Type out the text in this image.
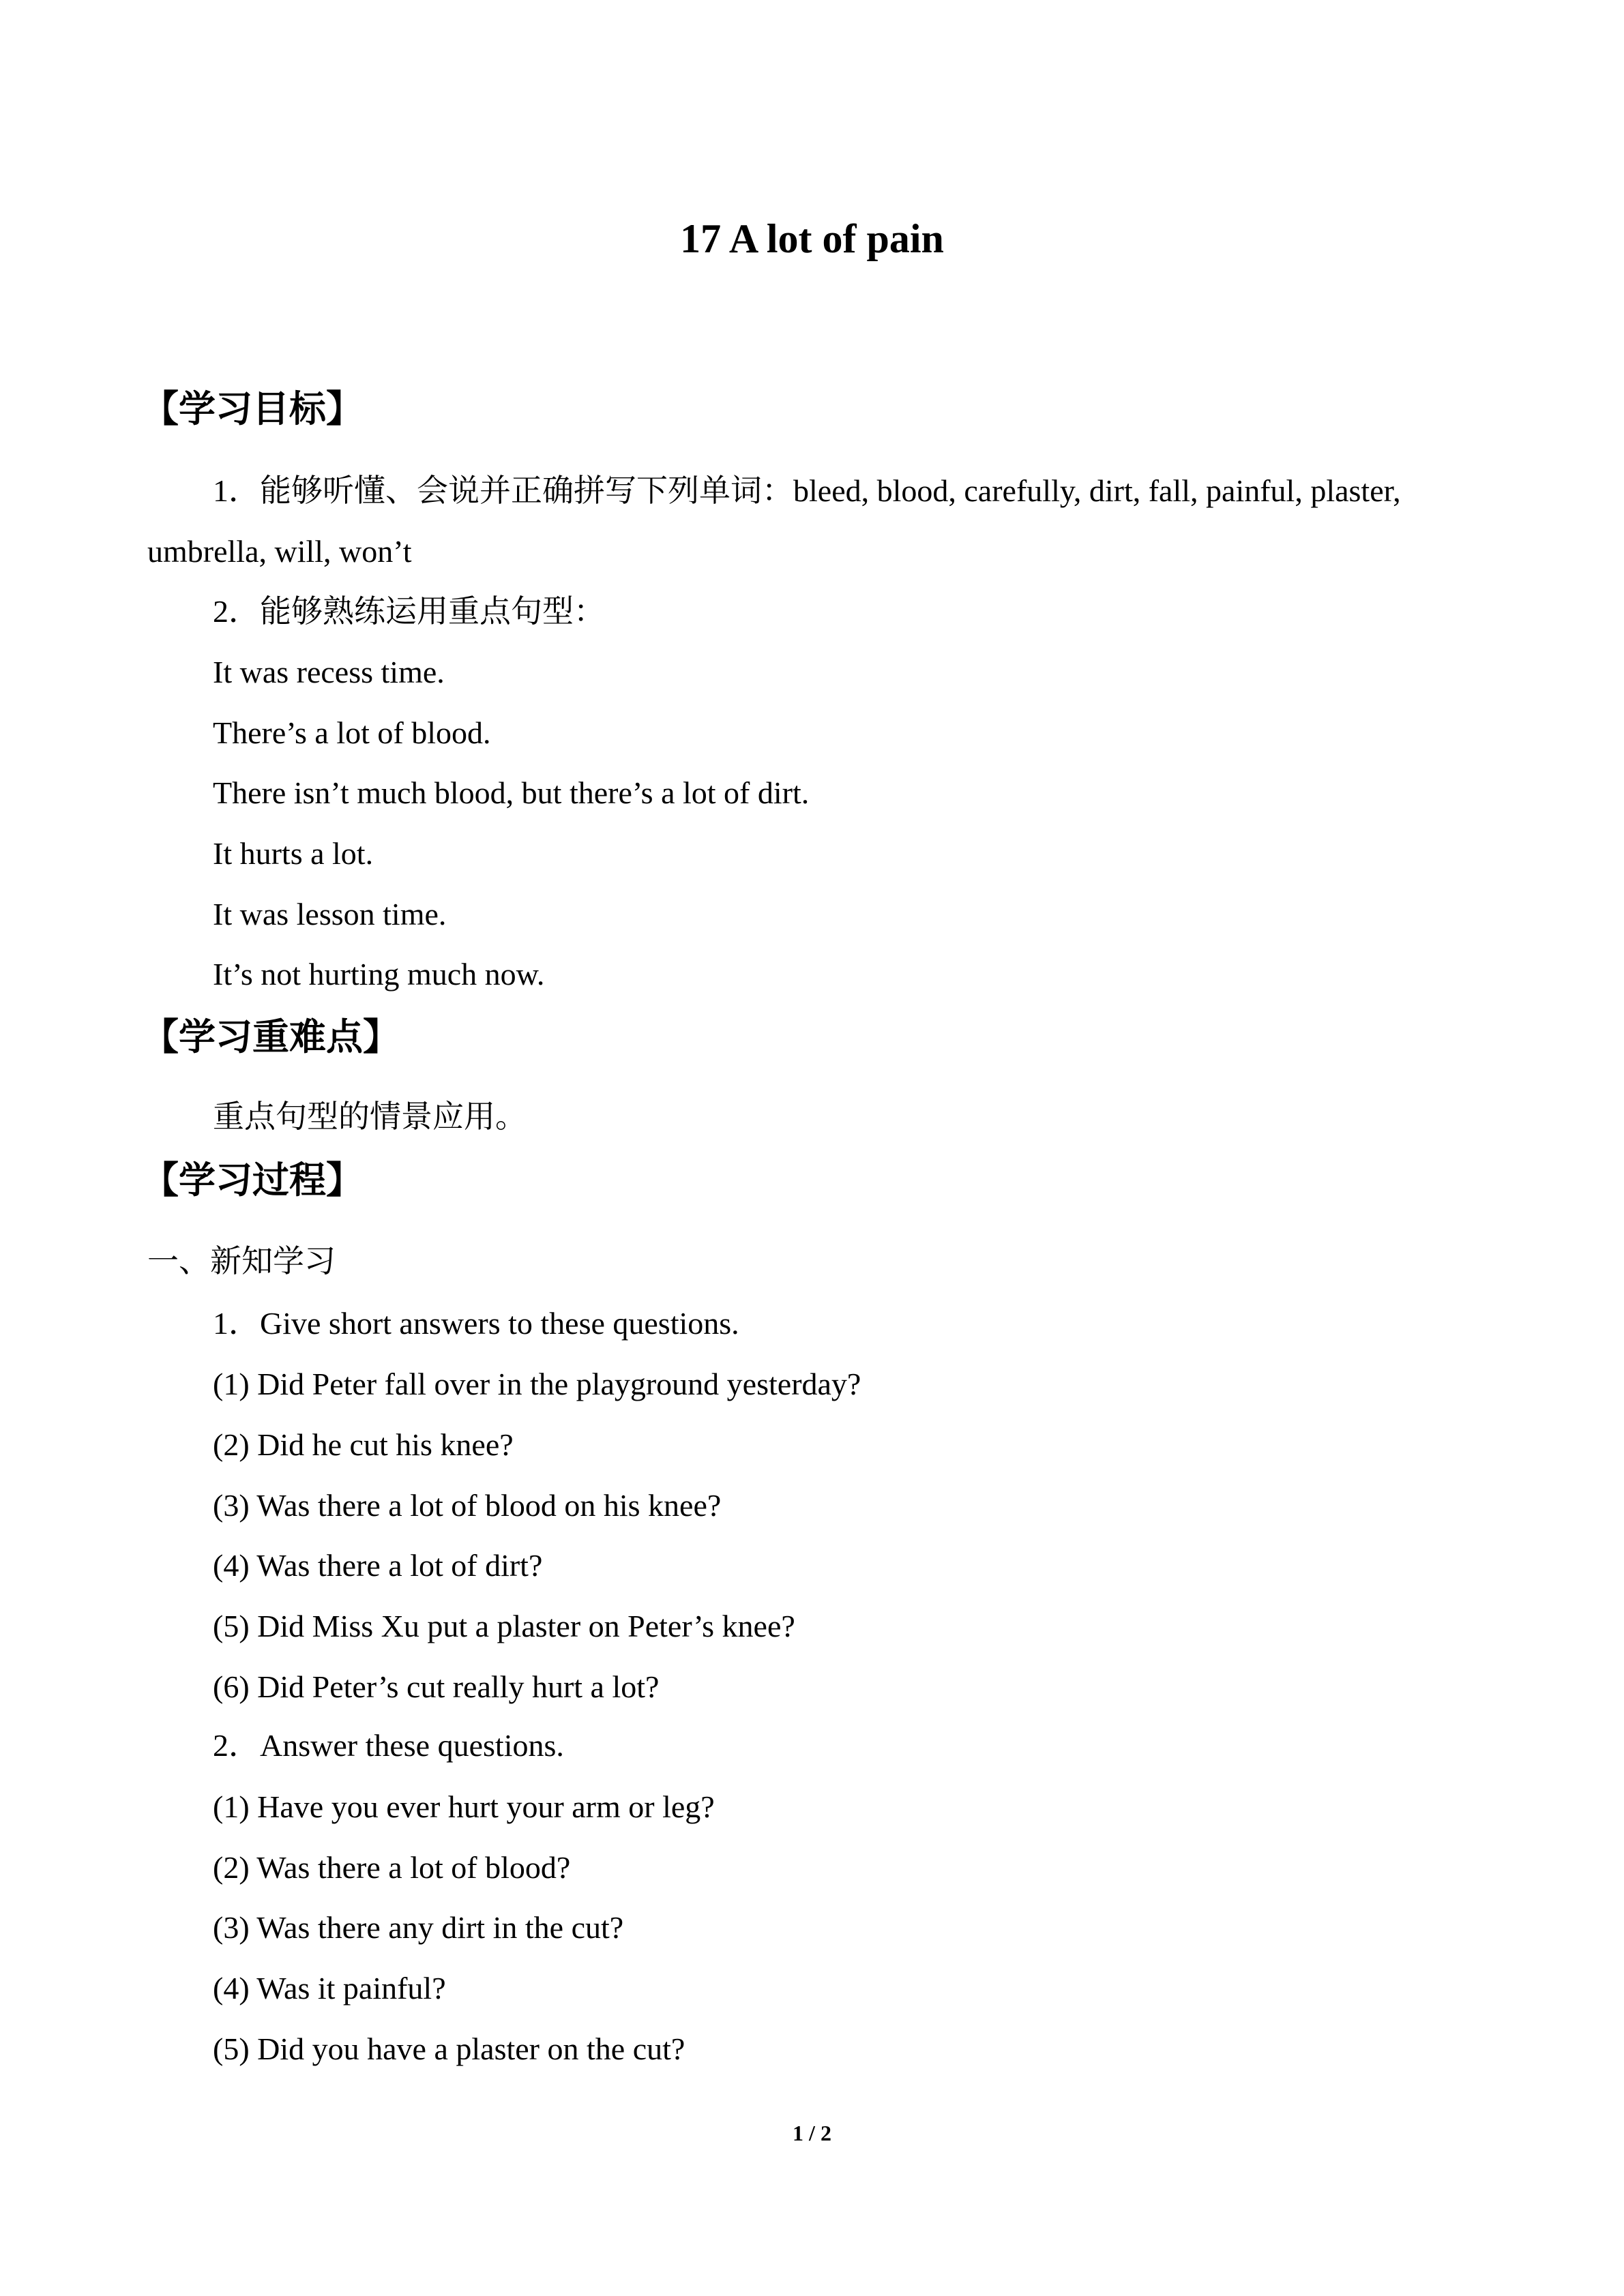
17 A lot of pain
【学习目标】
1．能够听懂、会说并正确拼写下列单词：bleed, blood, carefully, dirt, fall, painful, plaster,
umbrella, will, won’t
2．能够熟练运用重点句型：
It was recess time.
There’s a lot of blood.
There isn’t much blood, but there’s a lot of dirt.
It hurts a lot.
It was lesson time.
It’s not hurting much now.
【学习重难点】
重点句型的情景应用。
【学习过程】
一、新知学习
1．Give short answers to these questions.
(1) Did Peter fall over in the playground yesterday?
(2) Did he cut his knee?
(3) Was there a lot of blood on his knee?
(4) Was there a lot of dirt?
(5) Did Miss Xu put a plaster on Peter’s knee?
(6) Did Peter’s cut really hurt a lot?
2．Answer these questions.
(1) Have you ever hurt your arm or leg?
(2) Was there a lot of blood?
(3) Was there any dirt in the cut?
(4) Was it painful?
(5) Did you have a plaster on the cut?
1 / 2
